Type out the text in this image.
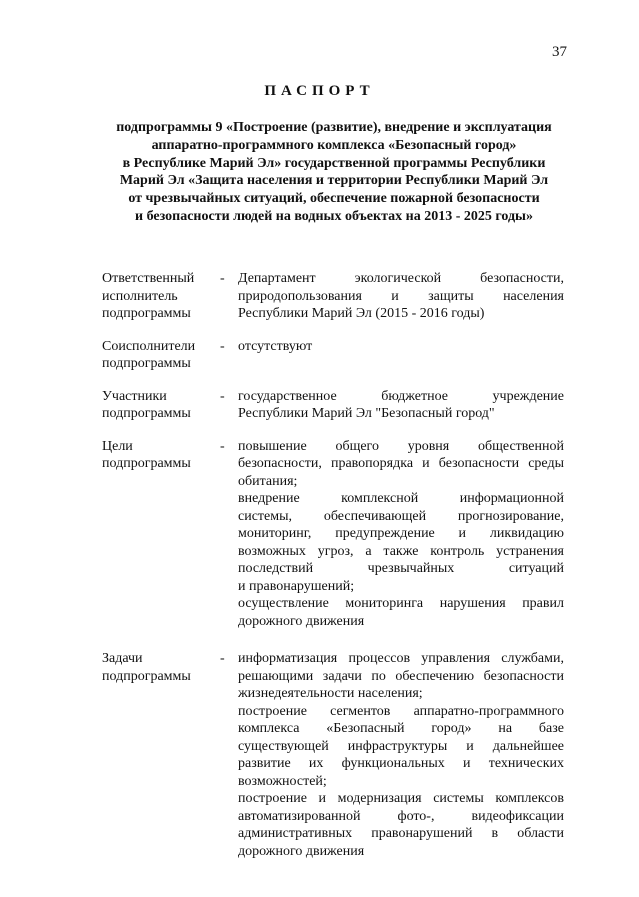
37
ПАСПОРТ
подпрограммы 9 «Построение (развитие), внедрение и эксплуатация
аппаратно-программного комплекса «Безопасный город»
в Республике Марий Эл» государственной программы Республики
Марий Эл «Защита населения и территории Республики Марий Эл
от чрезвычайных ситуаций, обеспечение пожарной безопасности
и безопасности людей на водных объектах на 2013 - 2025 годы»
Ответственный
исполнитель
подпрограммы
- Департамент экологической безопасности,
природопользования и защиты населения
Республики Марий Эл (2015 - 2016 годы)
Соисполнители
подпрограммы
- отсутствуют
Участники
подпрограммы
- государственное бюджетное учреждение
Республики Марий Эл "Безопасный город"
Цели
подпрограммы
- повышение общего уровня общественной
безопасности, правопорядка и безопасности среды
обитания;
внедрение комплексной информационной
системы, обеспечивающей прогнозирование,
мониторинг, предупреждение и ликвидацию
возможных угроз, а также контроль устранения
последствий чрезвычайных ситуаций
и правонарушений;
осуществление мониторинга нарушения правил
дорожного движения
Задачи
подпрограммы
- информатизация процессов управления службами,
решающими задачи по обеспечению безопасности
жизнедеятельности населения;
построение сегментов аппаратно-программного
комплекса «Безопасный город» на базе
существующей инфраструктуры и дальнейшее
развитие их функциональных и технических
возможностей;
построение и модернизация системы комплексов
автоматизированной фото-, видеофиксации
административных правонарушений в области
дорожного движения
